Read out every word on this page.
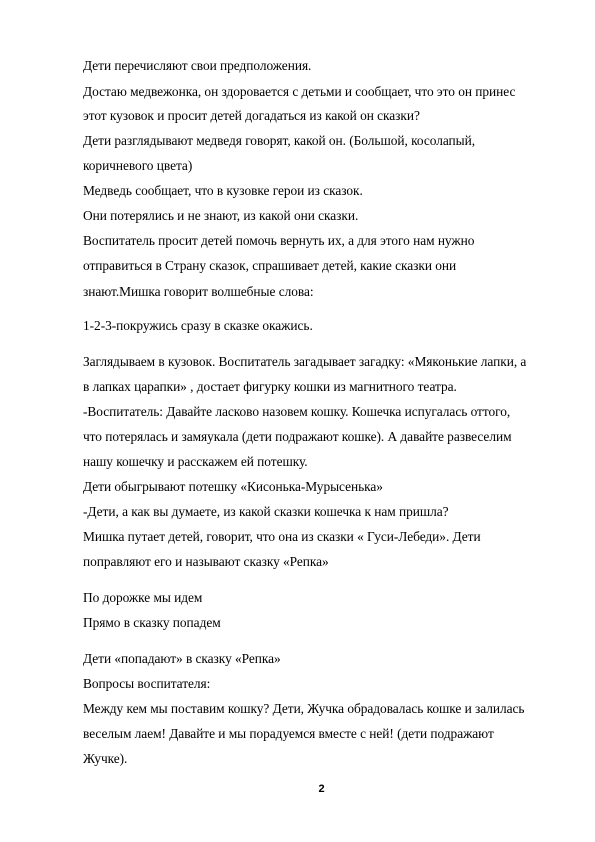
Дети перечисляют свои предположения.
Достаю медвежонка, он здоровается с детьми и сообщает, что это он принес
этот кузовок и просит детей догадаться из какой он сказки?
Дети разглядывают медведя говорят, какой он. (Большой, косолапый,
коричневого цвета)
Медведь сообщает, что в кузовке герои из сказок.
Они потерялись и не знают, из какой они сказки.
Воспитатель просит детей помочь вернуть их, а для этого нам нужно
отправиться в Страну сказок, спрашивает детей, какие сказки они
знают.Мишка говорит волшебные слова:
1-2-3-покружись сразу в сказке окажись.
Заглядываем в кузовок. Воспитатель загадывает загадку: «Мяконькие лапки, а
в лапках царапки» , достает фигурку кошки из магнитного театра.
-Воспитатель: Давайте ласково назовем кошку. Кошечка испугалась оттого,
что потерялась и замяукала (дети подражают кошке). А давайте развеселим
нашу кошечку и расскажем ей потешку.
Дети обыгрывают потешку «Кисонька-Мурысенька»
-Дети, а как вы думаете, из какой сказки кошечка к нам пришла?
Мишка путает детей, говорит, что она из сказки « Гуси-Лебеди». Дети
поправляют его и называют сказку «Репка»
По дорожке мы идем
Прямо в сказку попадем
Дети «попадают» в сказку «Репка»
Вопросы воспитателя:
Между кем мы поставим кошку? Дети, Жучка обрадовалась кошке и залилась
веселым лаем! Давайте и мы порадуемся вместе с ней! (дети подражают
Жучке).
2
